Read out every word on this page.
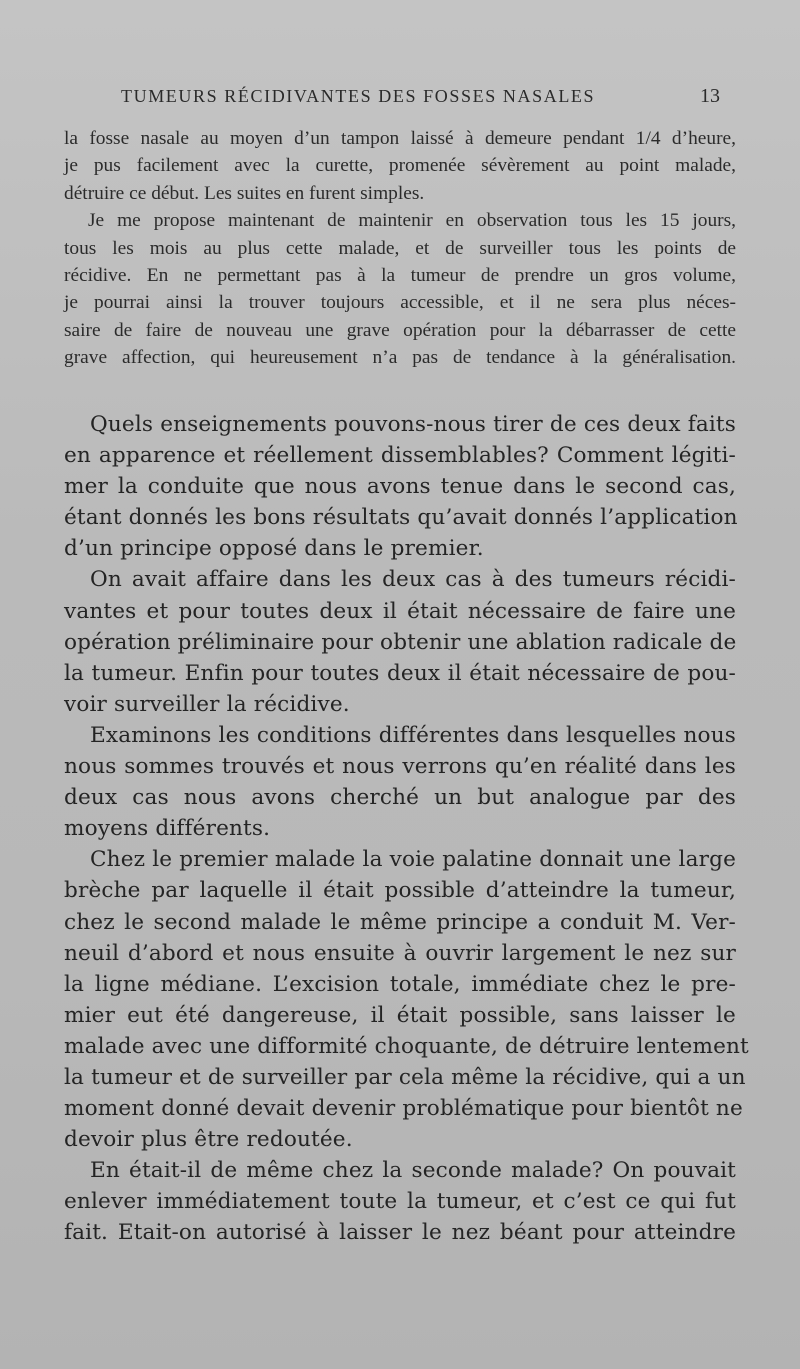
TUMEURS RÉCIDIVANTES DES FOSSES NASALES	13
la fosse nasale au moyen d’un tampon laissé à demeure pendant 1/4 d’heure,
je pus facilement avec la curette, promenée sévèrement au point malade,
détruire ce début. Les suites en furent simples.
Je me propose maintenant de maintenir en observation tous les 15 jours,
tous les mois au plus cette malade, et de surveiller tous les points de
récidive. En ne permettant pas à la tumeur de prendre un gros volume,
je pourrai ainsi la trouver toujours accessible, et il ne sera plus néces-
saire de faire de nouveau une grave opération pour la débarrasser de cette
grave affection, qui heureusement n’a pas de tendance à la généralisation.
Quels enseignements pouvons-nous tirer de ces deux faits
en apparence et réellement dissemblables? Comment légiti-
mer la conduite que nous avons tenue dans le second cas,
étant donnés les bons résultats qu’avait donnés l’application
d’un principe opposé dans le premier.
On avait affaire dans les deux cas à des tumeurs récidi-
vantes et pour toutes deux il était nécessaire de faire une
opération préliminaire pour obtenir une ablation radicale de
la tumeur. Enfin pour toutes deux il était nécessaire de pou-
voir surveiller la récidive.
Examinons les conditions différentes dans lesquelles nous
nous sommes trouvés et nous verrons qu’en réalité dans les
deux cas nous avons cherché un but analogue par des
moyens différents.
Chez le premier malade la voie palatine donnait une large
brèche par laquelle il était possible d’atteindre la tumeur,
chez le second malade le même principe a conduit M. Ver-
neuil d’abord et nous ensuite à ouvrir largement le nez sur
la ligne médiane. L’excision totale, immédiate chez le pre-
mier eut été dangereuse, il était possible, sans laisser le
malade avec une difformité choquante, de détruire lentement
la tumeur et de surveiller par cela même la récidive, qui a un
moment donné devait devenir problématique pour bientôt ne
devoir plus être redoutée.
En était-il de même chez la seconde malade? On pouvait
enlever immédiatement toute la tumeur, et c’est ce qui fut
fait. Etait-on autorisé à laisser le nez béant pour atteindre
